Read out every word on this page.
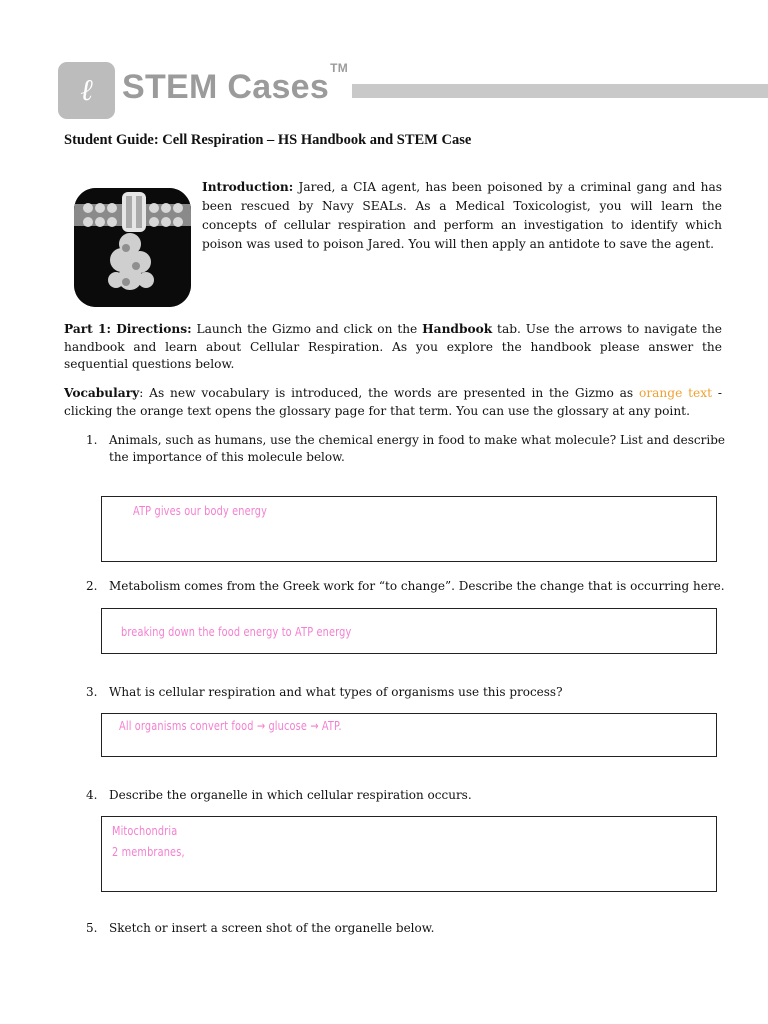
ℓ STEM Cases™
Student Guide: Cell Respiration – HS Handbook and STEM Case
Introduction: Jared, a CIA agent, has been poisoned by a criminal gang and has been rescued by Navy SEALs. As a Medical Toxicologist, you will learn the concepts of cellular respiration and perform an investigation to identify which poison was used to poison Jared. You will then apply an antidote to save the agent.
Part 1: Directions: Launch the Gizmo and click on the Handbook tab. Use the arrows to navigate the handbook and learn about Cellular Respiration. As you explore the handbook please answer the sequential questions below.
Vocabulary: As new vocabulary is introduced, the words are presented in the Gizmo as orange text - clicking the orange text opens the glossary page for that term. You can use the glossary at any point.
1. Animals, such as humans, use the chemical energy in food to make what molecule? List and describe the importance of this molecule below.
ATP gives our body energy
2. Metabolism comes from the Greek work for “to change”. Describe the change that is occurring here.
breaking down the food energy to ATP energy
3. What is cellular respiration and what types of organisms use this process?
All organisms convert food → glucose → ATP.
4. Describe the organelle in which cellular respiration occurs.
Mitochondria
2 membranes,
5. Sketch or insert a screen shot of the organelle below.
